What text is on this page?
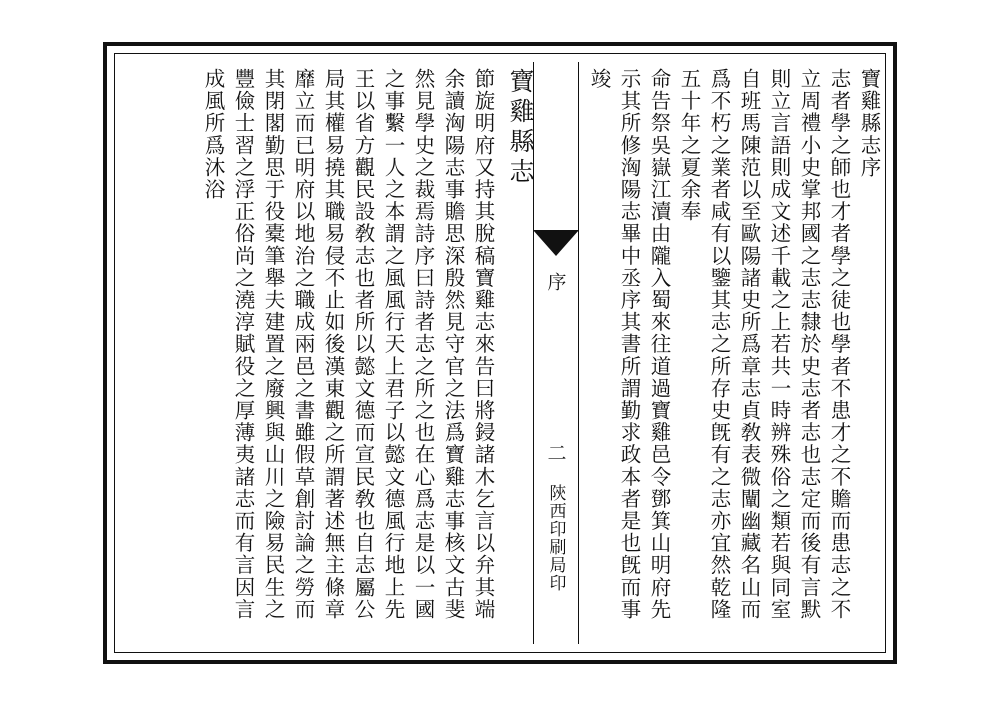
寶雞縣志序
志者學之師也才者學之徒也學者不患才之不贍而患志之不
立周禮小史掌邦國之志志隸於史志者志也志定而後有言默
則立言語則成文述千載之上若共一時辨殊俗之類若與同室
自班馬陳范以至歐陽諸史所爲章志貞敎表微闡幽藏名山而
爲不朽之業者咸有以鑒其志之所存史旣有之志亦宜然乾隆
五十年之夏余奉
命告祭吳嶽江瀆由隴入蜀來往道過寶雞邑令鄧箕山明府先
示其所修洶陽志畢中丞序其書所謂勤求政本者是也旣而事
竣
序
二
陝西印刷局印
寶雞縣志
節旋明府又持其脫稿寶雞志來告曰將鋟諸木乞言以弁其端
余讀洶陽志事贍思深殷然見守官之法爲寶雞志事核文古斐
然見學史之裁焉詩序曰詩者志之所之也在心爲志是以一國
之事繫一人之本謂之風風行天上君子以懿文德風行地上先
王以省方觀民設敎志也者所以懿文德而宣民敎也自志屬公
局其權易撓其職易侵不止如後漢東觀之所謂著述無主條章
靡立而已明府以地治之職成兩邑之書雖假草創討論之勞而
其閉閣勤思于役橐筆舉夫建置之廢興與山川之險易民生之
豐儉士習之浮正俗尚之澆淳賦役之厚薄夷諸志而有言因言
成風所爲沐浴
